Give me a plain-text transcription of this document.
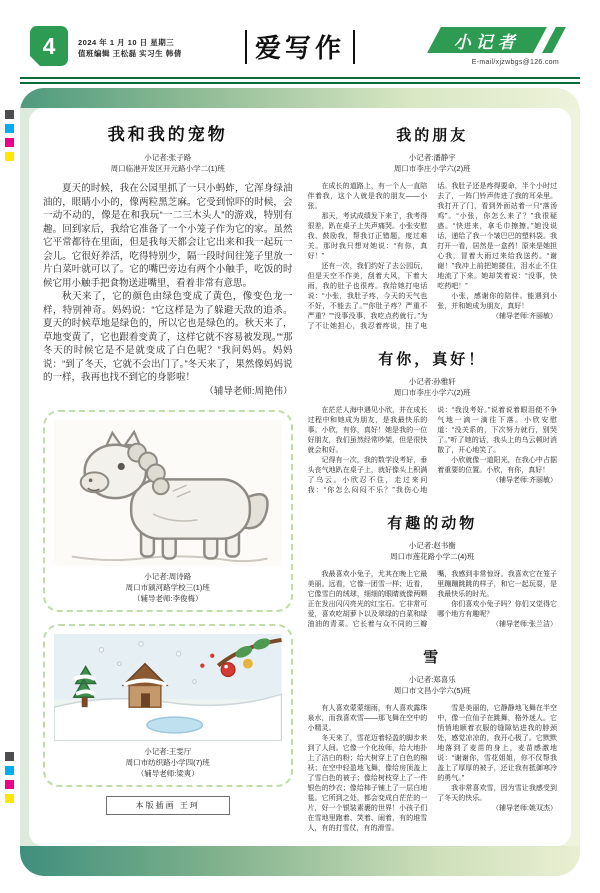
4	2024 年 1 月 10 日 星期三
值班编辑 王松磊 实习生 韩倩	爱写作	小记者
E-mail/xjzwbgs@126.com
我和我的宠物
小记者:张子路
周口临港开发区开元路小学二(1)班

夏天的时候，我在公园里抓了一只小蚂蚱，它浑身绿油油的，眼睛小小的，像两粒黑芝麻。它受到惊吓的时候，会一动不动的，像是在和我玩“一二三木头人”的游戏，特别有趣。回到家后，我给它准备了一个小笼子作为它的家。虽然它平常都待在里面，但是我每天都会让它出来和我一起玩一会儿。它很好养活，吃得特别少，隔一段时间往笼子里放一片白菜叶就可以了。它的嘴巴旁边有两个小触手，吃饭的时候它用小触手把食物送进嘴里，看着非常有意思。

秋天来了，它的颜色由绿色变成了黄色，像变色龙一样，特别神奇。妈妈说：“它这样是为了躲避天敌的追杀。夏天的时候草地是绿色的，所以它也是绿色的。秋天来了，草地变黄了，它也跟着变黄了，这样它就不容易被发现。”“那冬天的时候它是不是就变成了白色呢？”我问妈妈。妈妈说：“到了冬天，它就不会出门了。”冬天来了，果然像妈妈说的一样，我再也找不到它的身影啦！

（辅导老师:周艳伟）
小记者:周诗路
周口市颍河路学校三(1)班
（辅导老师:李俊梅）
小记者:王雯厅
周口市纺织路小学四(7)班
（辅导老师:梁爽）
本版插画 王珂
我的朋友
小记者:潘静宇
周口市李庄小学六(2)班

在成长的道路上，有一个人一直陪伴着我，这个人就是我的朋友——小张。

那天，考试成绩发下来了，我考得很差，趴在桌子上失声痛哭。小张安慰我、鼓励我，帮我订正错题，度过难关。那时我只想对她说：“有你，真好！”

还有一次，我们约好了去公园玩，但是天空不作美，刮着大风，下着大雨，我的肚子也很疼。我给她打电话说：“小张，我肚子疼，今天的天气也不好，不能去了。”“你肚子疼？严重不严重？”“没事没事，我吃点药就行。”为了不让她担心，我忍着疼说，挂了电话。我肚子还是疼得要命，半个小时过去了，一阵门铃声传进了我的耳朵里。我打开了门，看到外面站着一只“落汤鸡”。“小张，你怎么来了？”我很疑惑。“快进来，拿毛巾擦擦。”她没说话，递给了我一个皱巴巴的塑料袋。我打开一看，居然是一盒药！原来是她担心我，冒着大雨过来给我送药。“谢谢！”我冲上前把她搂住，泪水止不住地流了下来。她却笑着说：“没事，快吃药吧！”

小张，感谢你的陪伴。能遇到小张，并和她成为朋友，真好！

（辅导老师:齐丽敏）
有你，真好！
小记者:孙雅轩
周口市李庄小学六(2)班

在茫茫人海中遇见小欣，并在成长过程中和她成为朋友，是我最快乐的事。小欣，有你，真好！她是我的一位好朋友，我们虽然经常吵架，但是很快就会和好。

记得有一次，我的数学没考好，垂头丧气地趴在桌子上，就好像头上积满了乌云。小欣忍不住，走过来问我：“你怎么闷闷不乐？”我伤心地说：“我没考好。”说着说着眼泪便不争气地一滴一滴往下落。小欣安慰道：“没关系的，下次努力就行，别哭了。”听了她的话，我头上的乌云顿时消散了，开心地笑了。

小欣就像一道阳光，在我心中占据着重要的位置。小欣，有你，真好！

（辅导老师:齐丽敏）
有趣的动物
小记者:赵书衡
周口市莲花路小学二(4)班

我最喜欢小兔子，尤其在晚上它最美丽。远看，它像一团雪一样；近看，它像雪白的绒球，细细的眼睛就像两颗正在发出闪闪亮光的红宝石。它非常可爱，喜欢吃胡萝卜以及翠绿的白菜和绿油油的青菜。它长着与众不同的三瓣嘴，我感到非常惊讶。我喜欢它在笼子里蹦蹦跳跳的样子，和它一起玩耍，是我最快乐的时光。

你们喜欢小兔子吗？你们又觉得它哪个地方有趣呢？

（辅导老师:张兰洁）
雪
小记者:郑喜乐
周口市文昌小学六(5)班

有人喜欢蒙蒙细雨，有人喜欢露珠泉水，而我喜欢雪——那飞舞在空中的小精灵。

冬天来了，雪花迈着轻盈的脚步来到了人间。它像一个化妆师，给大地扑上了洁白的粉；给大树穿上了白色的棉袄；在空中轻盈地飞舞，像给房顶盖上了雪白色的被子；像给树枝穿上了一件银色的纱衣；像给柿子铺上了一层白地毯。它所到之处，都会变成白茫茫的一片，好一个银装素裹的世界！小孩子们在雪地里跑着、笑着、闹着，有的堆雪人，有的打雪仗，有的滑雪。

雪是美丽的，它静静地飞舞在半空中，像一位仙子在跳舞，格外迷人。它悄悄地顺着衣服的缝隙钻进我的脖颈处，感觉凉凉的，我开心极了。它默默地落到了麦苗的身上，麦苗感激地说：“谢谢你，雪花姐姐，你不仅帮我盖上了厚厚的被子，还让我有抵御寒冷的勇气。”

我非常喜欢雪，因为雪让我感受到了冬天的快乐。

（辅导老师:姚双杰）
